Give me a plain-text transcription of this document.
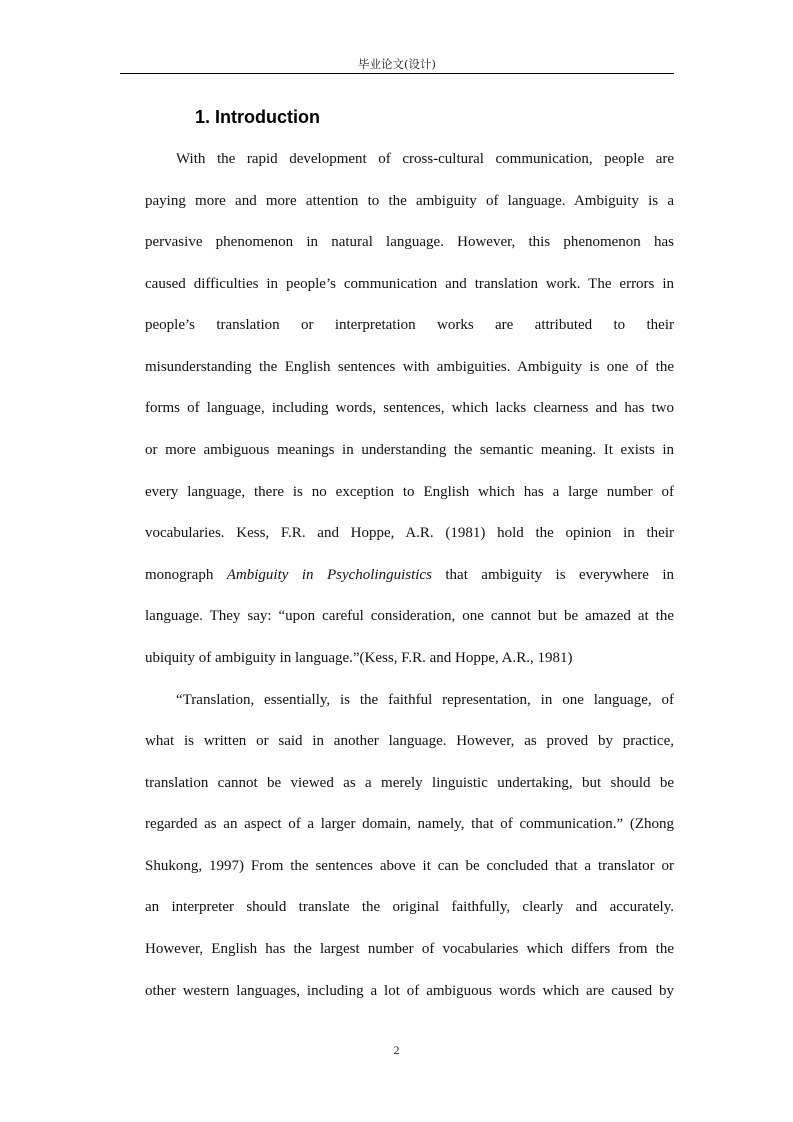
毕业论文(设计)
1. Introduction
With the rapid development of cross-cultural communication, people are
paying more and more attention to the ambiguity of language. Ambiguity is a
pervasive phenomenon in natural language. However, this phenomenon has
caused difficulties in people’s communication and translation work. The errors in
people’s translation or interpretation works are attributed to their
misunderstanding the English sentences with ambiguities. Ambiguity is one of the
forms of language, including words, sentences, which lacks clearness and has two
or more ambiguous meanings in understanding the semantic meaning. It exists in
every language, there is no exception to English which has a large number of
vocabularies. Kess, F.R. and Hoppe, A.R. (1981) hold the opinion in their
monograph Ambiguity in Psycholinguistics that ambiguity is everywhere in
language. They say: “upon careful consideration, one cannot but be amazed at the
ubiquity of ambiguity in language.”(Kess, F.R. and Hoppe, A.R., 1981)
“Translation, essentially, is the faithful representation, in one language, of
what is written or said in another language. However, as proved by practice,
translation cannot be viewed as a merely linguistic undertaking, but should be
regarded as an aspect of a larger domain, namely, that of communication.” (Zhong
Shukong, 1997) From the sentences above it can be concluded that a translator or
an interpreter should translate the original faithfully, clearly and accurately.
However, English has the largest number of vocabularies which differs from the
other western languages, including a lot of ambiguous words which are caused by
2
